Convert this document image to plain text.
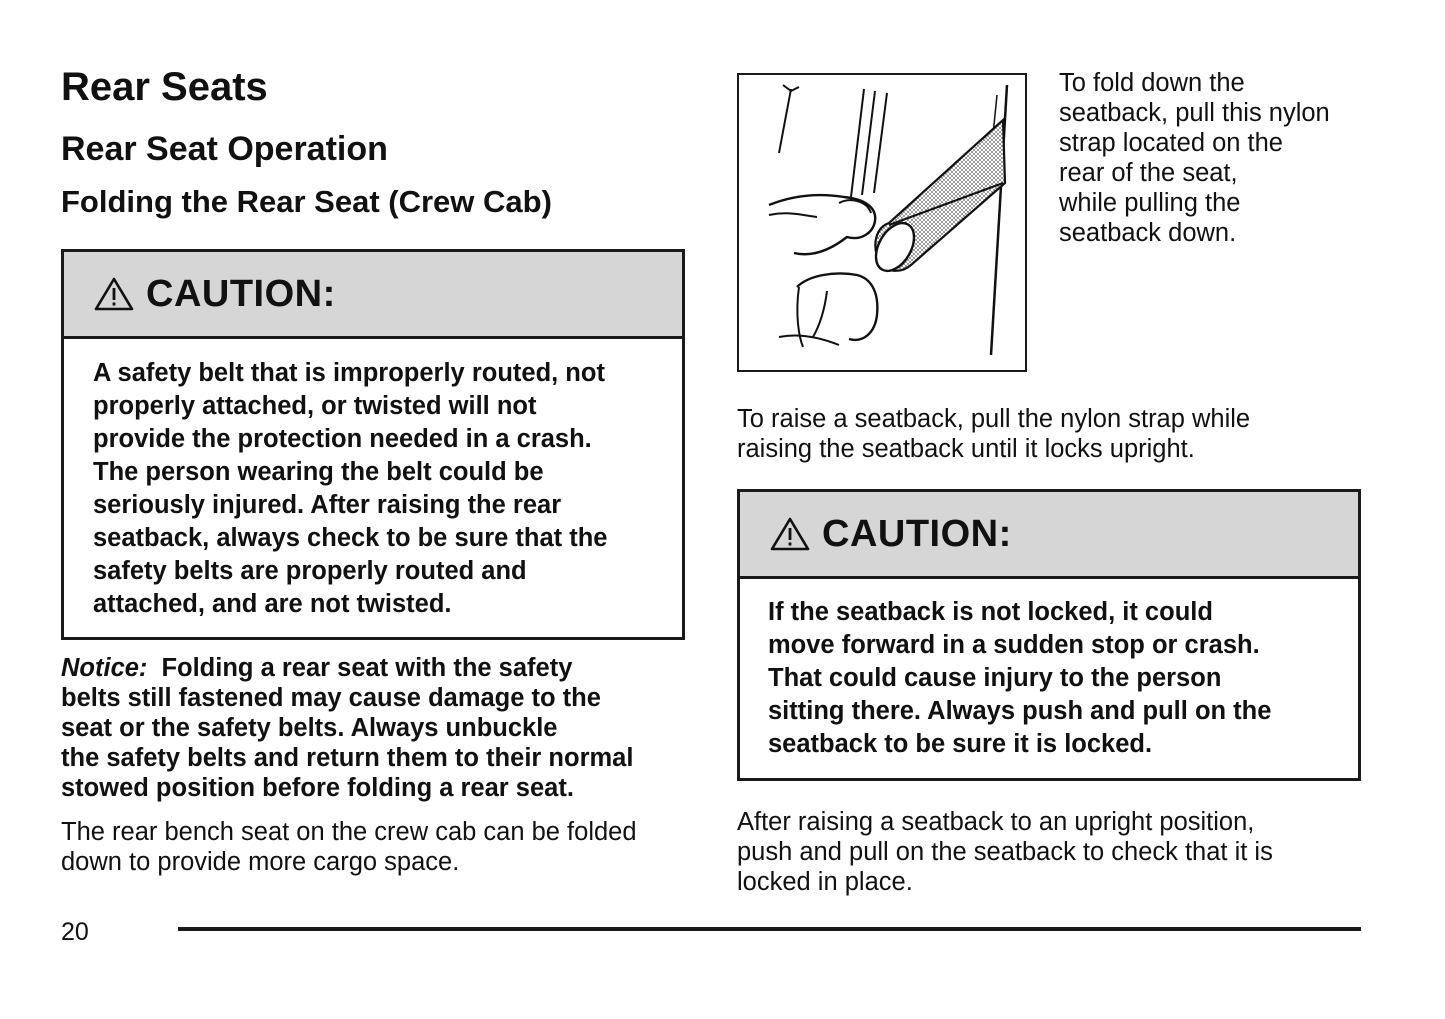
Rear Seats
Rear Seat Operation
Folding the Rear Seat (Crew Cab)
CAUTION:
A safety belt that is improperly routed, not
properly attached, or twisted will not
provide the protection needed in a crash.
The person wearing the belt could be
seriously injured. After raising the rear
seatback, always check to be sure that the
safety belts are properly routed and
attached, and are not twisted.
Notice: Folding a rear seat with the safety
belts still fastened may cause damage to the
seat or the safety belts. Always unbuckle
the safety belts and return them to their normal
stowed position before folding a rear seat.
The rear bench seat on the crew cab can be folded
down to provide more cargo space.
To fold down the
seatback, pull this nylon
strap located on the
rear of the seat,
while pulling the
seatback down.
To raise a seatback, pull the nylon strap while
raising the seatback until it locks upright.
CAUTION:
If the seatback is not locked, it could
move forward in a sudden stop or crash.
That could cause injury to the person
sitting there. Always push and pull on the
seatback to be sure it is locked.
After raising a seatback to an upright position,
push and pull on the seatback to check that it is
locked in place.
20
